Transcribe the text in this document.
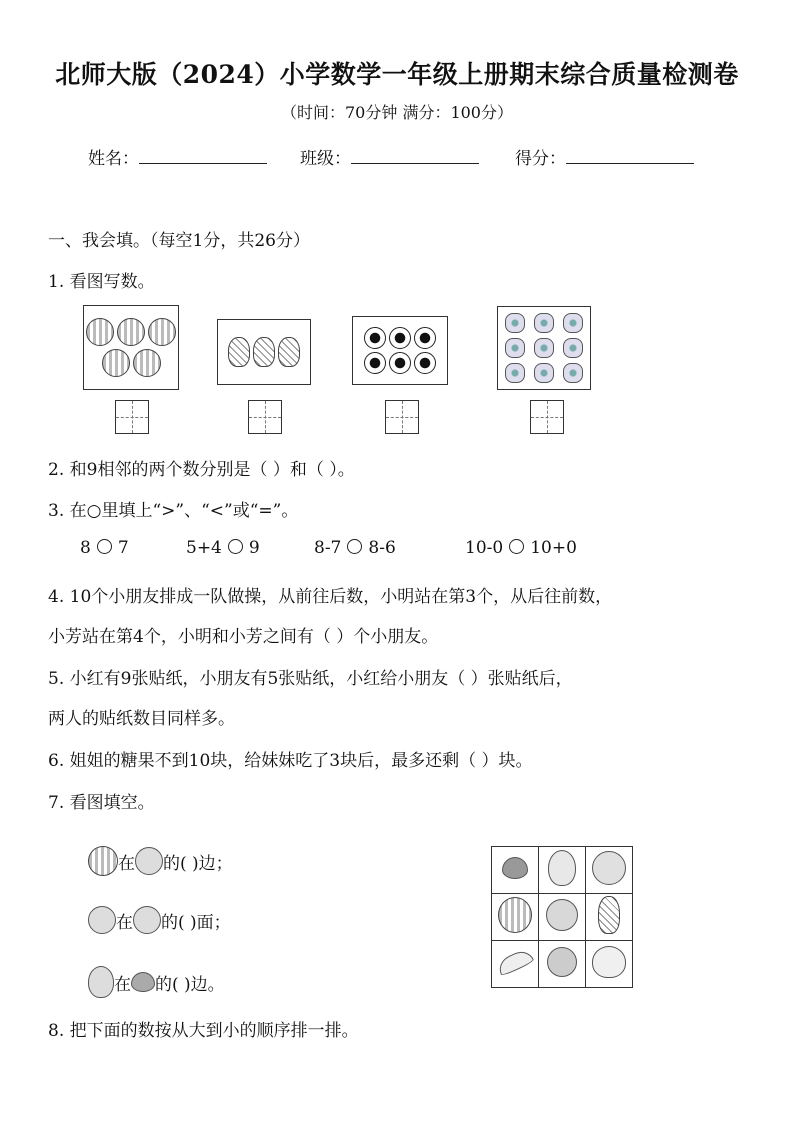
北师大版（2024）小学数学一年级上册期末综合质量检测卷
（时间：70分钟 满分：100分）
姓名：	班级：	得分：
一、我会填。（每空1分，共26分）
1. 看图写数。
2. 和9相邻的两个数分别是（ ）和（ ）。
3. 在○里填上“>”、“<”或“=”。
8 7	5+4 9	8-7 8-6	10-0 10+0
4. 10个小朋友排成一队做操，从前往后数，小明站在第3个，从后往前数，
小芳站在第4个，小明和小芳之间有（ ）个小朋友。
5. 小红有9张贴纸，小朋友有5张贴纸，小红给小朋友（ ）张贴纸后，
两人的贴纸数目同样多。
6. 姐姐的糖果不到10块，给妹妹吃了3块后，最多还剩（ ）块。
7. 看图填空。
在 的( )边；
在 的( )面；
在 的( )边。

8. 把下面的数按从大到小的顺序排一排。
